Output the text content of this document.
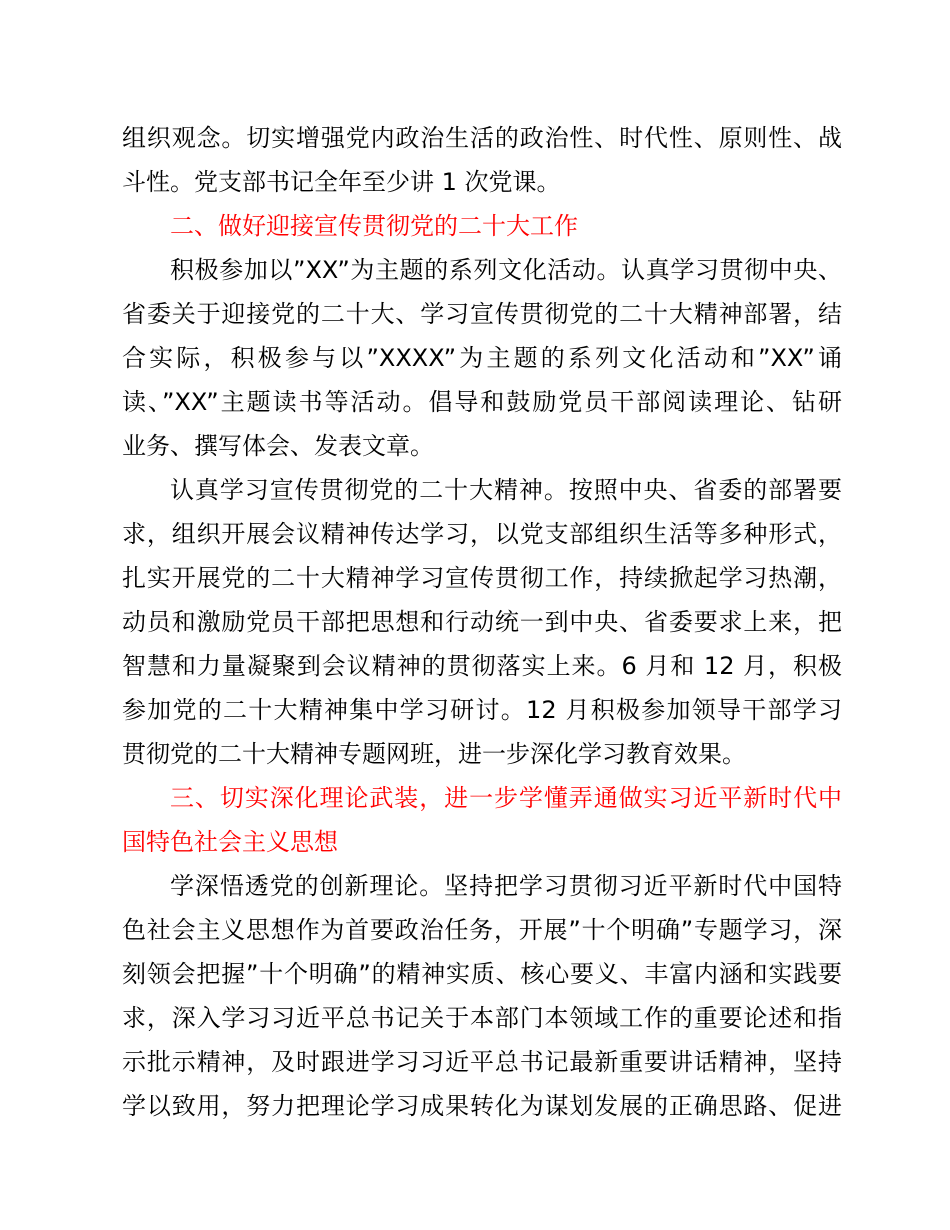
组织观念。切实增强党内政治生活的政治性、时代性、原则性、战
斗性。党支部书记全年至少讲 1 次党课。
二、做好迎接宣传贯彻党的二十大工作
积极参加以”XX”为主题的系列文化活动。认真学习贯彻中央、
省委关于迎接党的二十大、学习宣传贯彻党的二十大精神部署，结
合实际，积极参与以”XXXX”为主题的系列文化活动和”XX”诵
读、”XX”主题读书等活动。倡导和鼓励党员干部阅读理论、钻研
业务、撰写体会、发表文章。
认真学习宣传贯彻党的二十大精神。按照中央、省委的部署要
求，组织开展会议精神传达学习，以党支部组织生活等多种形式，
扎实开展党的二十大精神学习宣传贯彻工作，持续掀起学习热潮，
动员和激励党员干部把思想和行动统一到中央、省委要求上来，把
智慧和力量凝聚到会议精神的贯彻落实上来。6 月和 12 月，积极
参加党的二十大精神集中学习研讨。12 月积极参加领导干部学习
贯彻党的二十大精神专题网班，进一步深化学习教育效果。
三、切实深化理论武装，进一步学懂弄通做实习近平新时代中
国特色社会主义思想
学深悟透党的创新理论。坚持把学习贯彻习近平新时代中国特
色社会主义思想作为首要政治任务，开展”十个明确”专题学习，深
刻领会把握”十个明确”的精神实质、核心要义、丰富内涵和实践要
求，深入学习习近平总书记关于本部门本领域工作的重要论述和指
示批示精神，及时跟进学习习近平总书记最新重要讲话精神，坚持
学以致用，努力把理论学习成果转化为谋划发展的正确思路、促进
